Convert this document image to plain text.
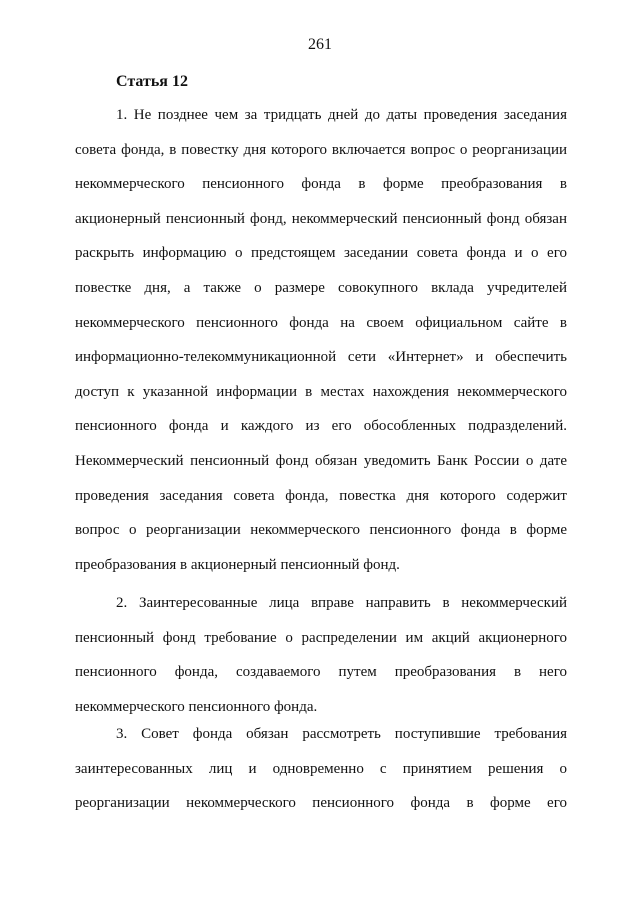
261
Статья 12
1. Не позднее чем за тридцать дней до даты проведения заседания
совета фонда, в повестку дня которого включается вопрос о реорганизации
некоммерческого пенсионного фонда в форме преобразования в
акционерный пенсионный фонд, некоммерческий пенсионный фонд обязан
раскрыть информацию о предстоящем заседании совета фонда и о его
повестке дня, а также о размере совокупного вклада учредителей
некоммерческого пенсионного фонда на своем официальном сайте в
информационно-телекоммуникационной сети «Интернет» и обеспечить
доступ к указанной информации в местах нахождения некоммерческого
пенсионного фонда и каждого из его обособленных подразделений.
Некоммерческий пенсионный фонд обязан уведомить Банк России о дате
проведения заседания совета фонда, повестка дня которого содержит
вопрос о реорганизации некоммерческого пенсионного фонда в форме
преобразования в акционерный пенсионный фонд.
2. Заинтересованные лица вправе направить в некоммерческий
пенсионный фонд требование о распределении им акций акционерного
пенсионного фонда, создаваемого путем преобразования в него
некоммерческого пенсионного фонда.
3. Совет фонда обязан рассмотреть поступившие требования
заинтересованных лиц и одновременно с принятием решения о
реорганизации некоммерческого пенсионного фонда в форме его
